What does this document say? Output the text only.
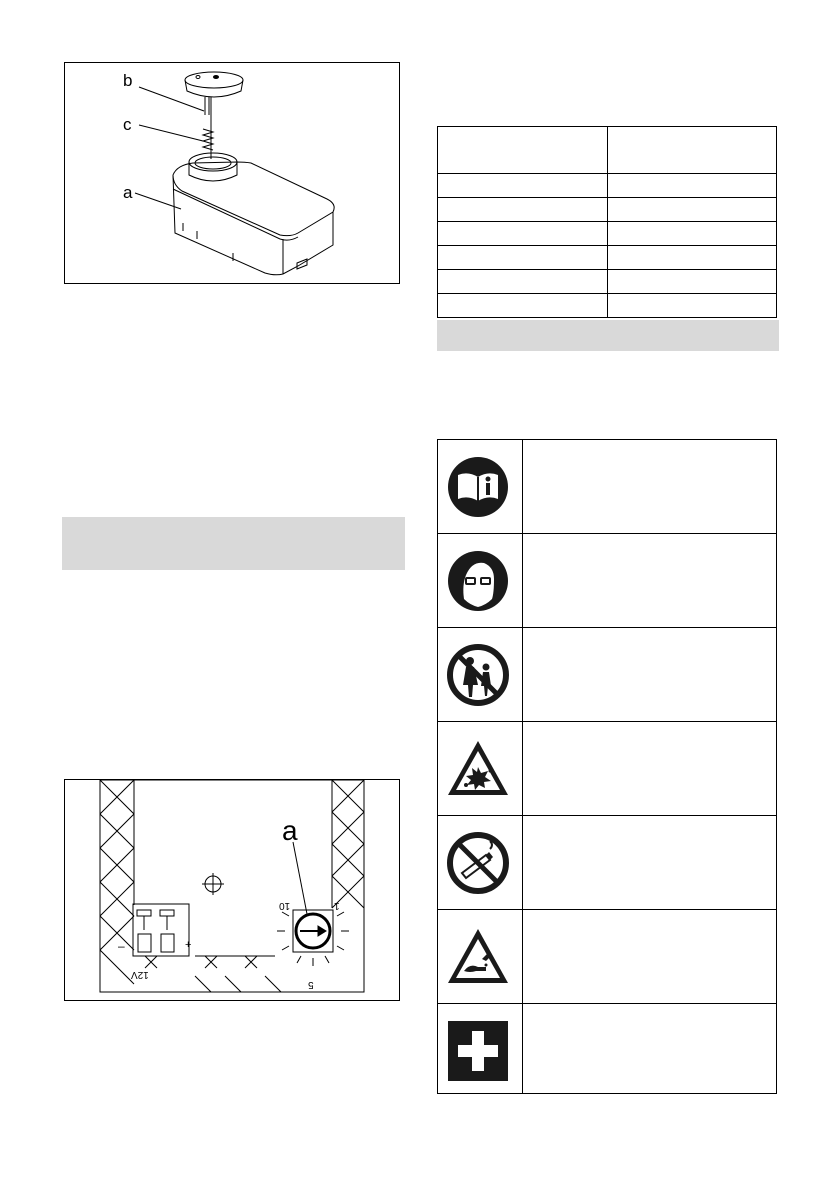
b
c
a
a
10	1
5
12V
–	+
